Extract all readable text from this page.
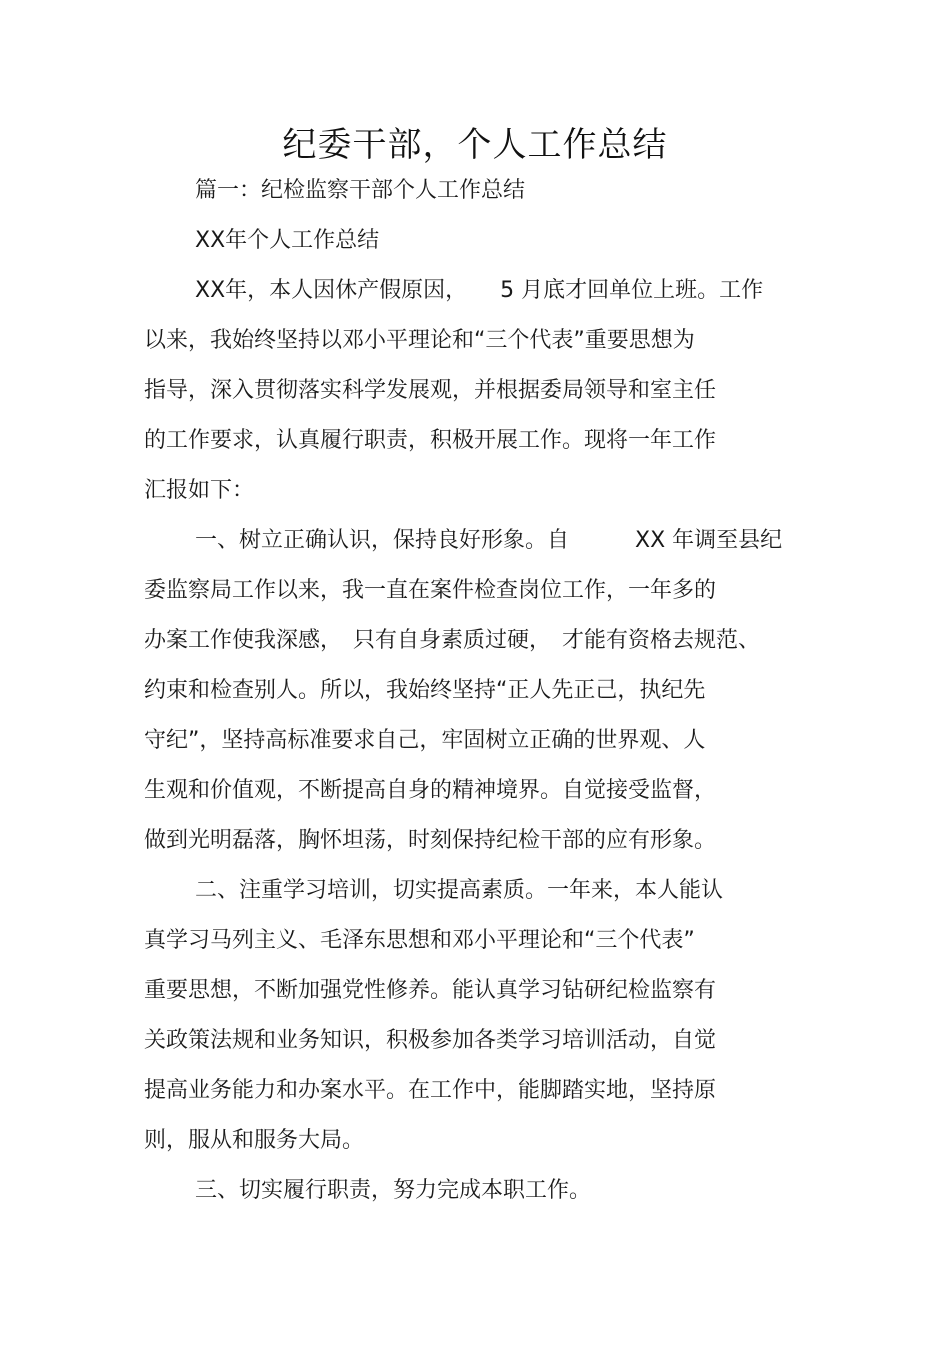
纪委干部，个人工作总结
篇一：纪检监察干部个人工作总结
XX年个人工作总结
XX年，本人因休产假原因，　　5 月底才回单位上班。工作
以来，我始终坚持以邓小平理论和“三个代表”重要思想为
指导，深入贯彻落实科学发展观，并根据委局领导和室主任
的工作要求，认真履行职责，积极开展工作。现将一年工作
汇报如下：
一、树立正确认识，保持良好形象。自　　　XX 年调至县纪
委监察局工作以来，我一直在案件检查岗位工作，一年多的
办案工作使我深感，　只有自身素质过硬，　才能有资格去规范、
约束和检查别人。所以，我始终坚持“正人先正己，执纪先
守纪”，坚持高标准要求自己，牢固树立正确的世界观、人
生观和价值观，不断提高自身的精神境界。自觉接受监督，
做到光明磊落，胸怀坦荡，时刻保持纪检干部的应有形象。
二、注重学习培训，切实提高素质。一年来，本人能认
真学习马列主义、毛泽东思想和邓小平理论和“三个代表”
重要思想，不断加强党性修养。能认真学习钻研纪检监察有
关政策法规和业务知识，积极参加各类学习培训活动，自觉
提高业务能力和办案水平。在工作中，能脚踏实地，坚持原
则，服从和服务大局。
三、切实履行职责，努力完成本职工作。
